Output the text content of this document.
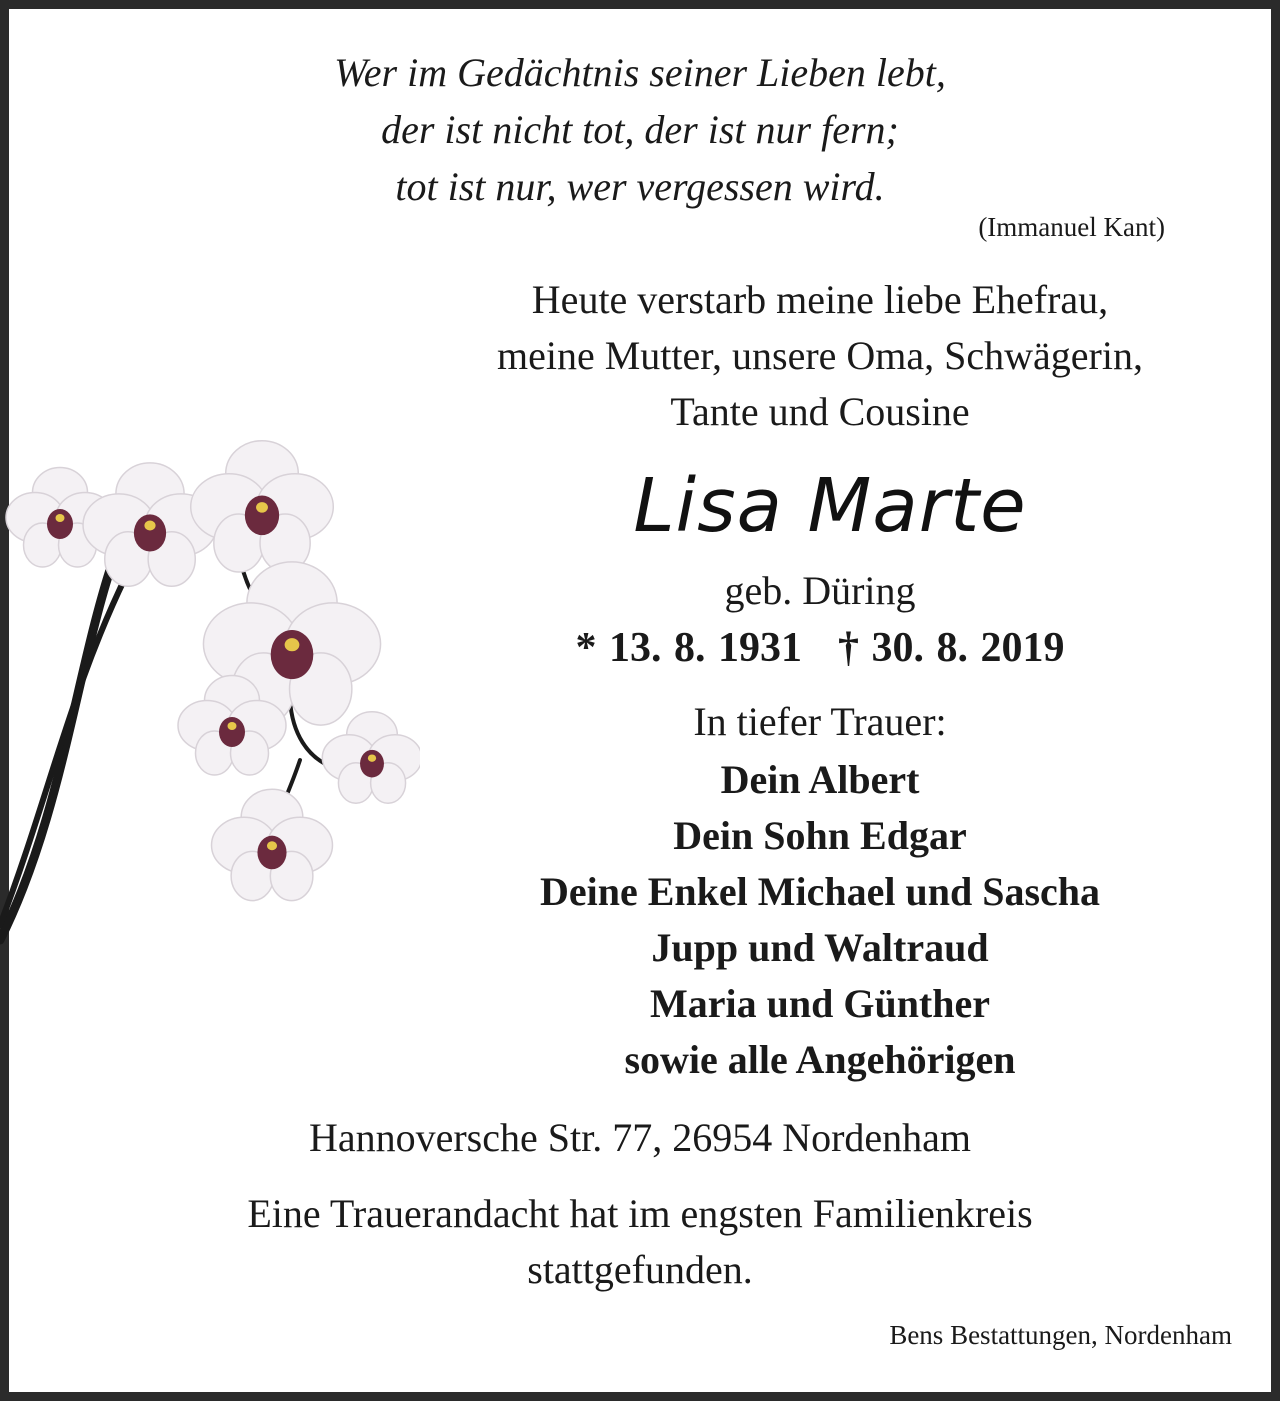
Wer im Gedächtnis seiner Lieben lebt,
der ist nicht tot, der ist nur fern;
tot ist nur, wer vergessen wird.
(Immanuel Kant)
Heute verstarb meine liebe Ehefrau,
meine Mutter, unsere Oma, Schwägerin,
Tante und Cousine
Lisa Marte
geb. Düring
* 13. 8. 1931 † 30. 8. 2019
In tiefer Trauer:
Dein Albert
Dein Sohn Edgar
Deine Enkel Michael und Sascha
Jupp und Waltraud
Maria und Günther
sowie alle Angehörigen
Hannoversche Str. 77, 26954 Nordenham
Eine Trauerandacht hat im engsten Familienkreis
stattgefunden.
Bens Bestattungen, Nordenham
